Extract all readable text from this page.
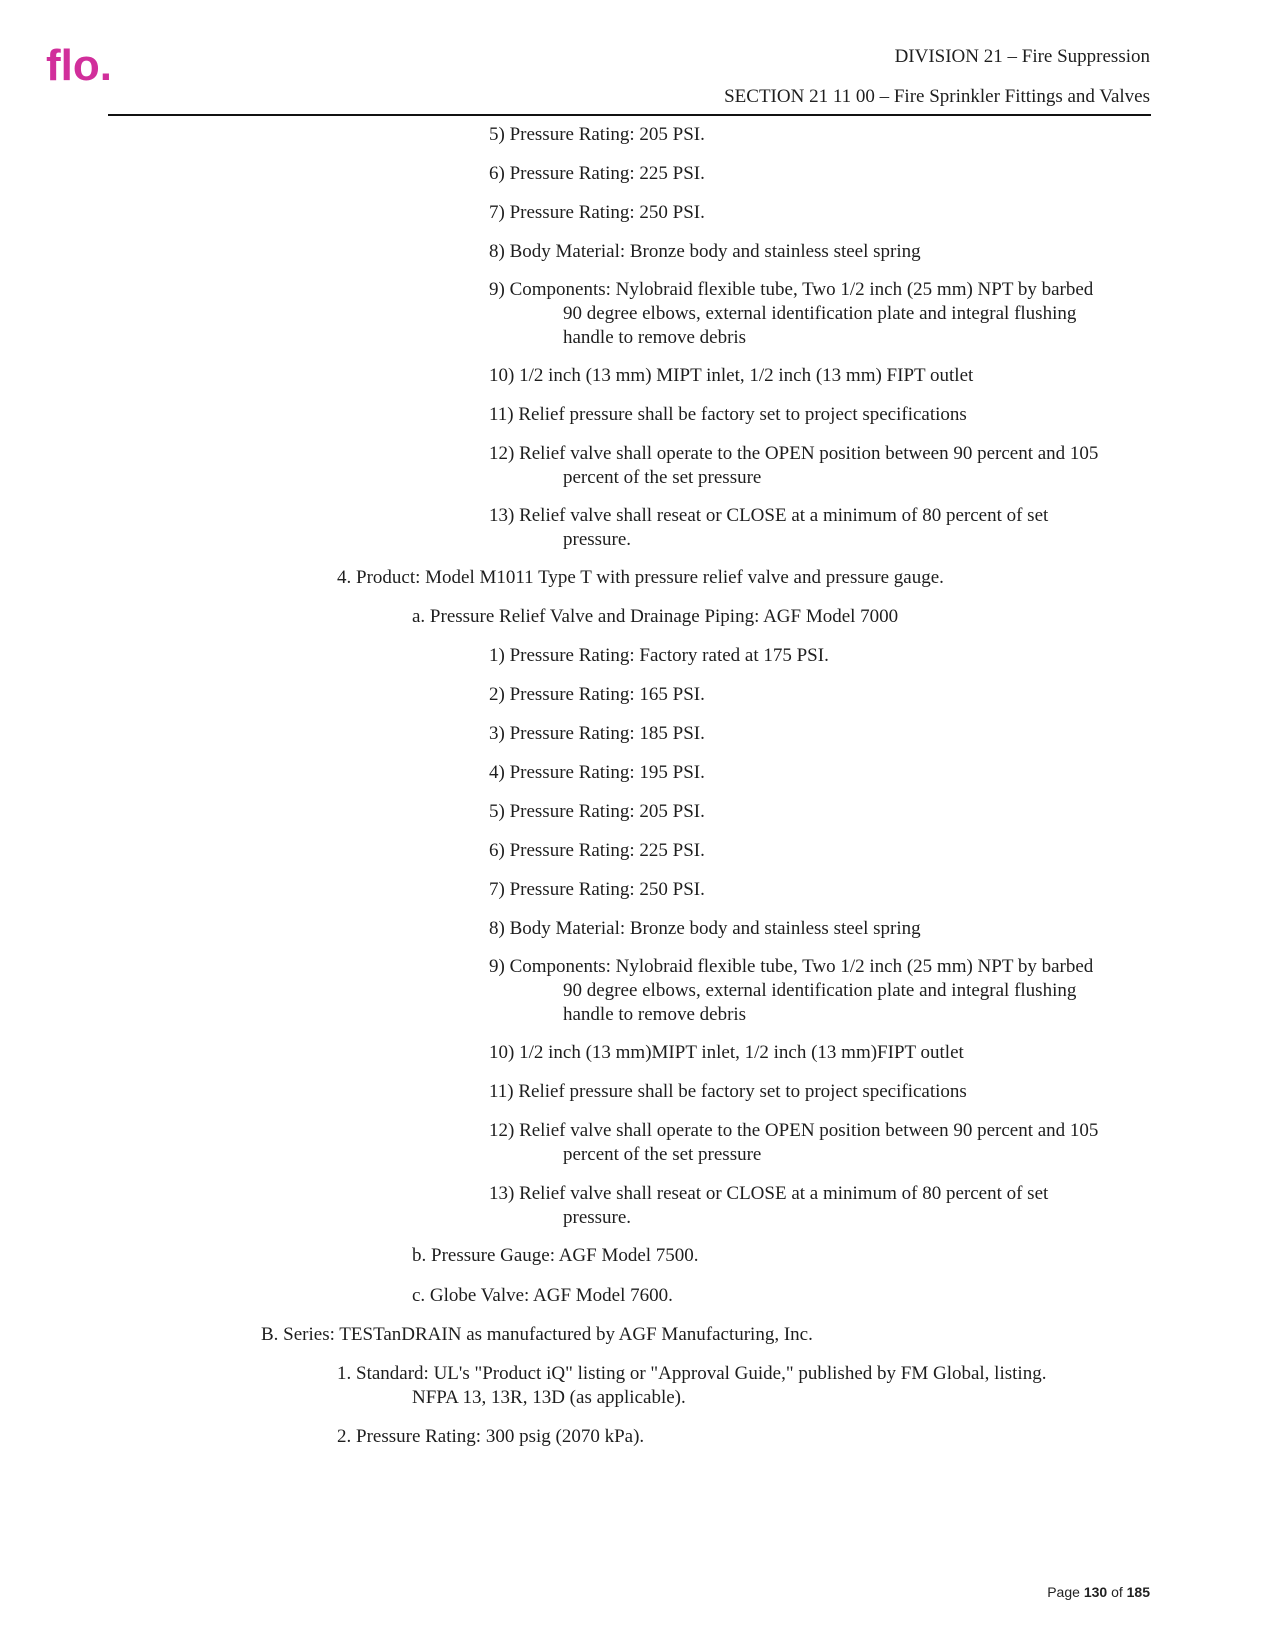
flo.	DIVISION 21 – Fire Suppression
SECTION 21 11 00 – Fire Sprinkler Fittings and Valves
5) Pressure Rating: 205 PSI.
6) Pressure Rating: 225 PSI.
7) Pressure Rating: 250 PSI.
8) Body Material: Bronze body and stainless steel spring
9) Components: Nylobraid flexible tube, Two 1/2 inch (25 mm) NPT by barbed
90 degree elbows, external identification plate and integral flushing
handle to remove debris
10) 1/2 inch (13 mm) MIPT inlet, 1/2 inch (13 mm) FIPT outlet
11) Relief pressure shall be factory set to project specifications
12) Relief valve shall operate to the OPEN position between 90 percent and 105
percent of the set pressure
13) Relief valve shall reseat or CLOSE at a minimum of 80 percent of set
pressure.
4. Product: Model M1011 Type T with pressure relief valve and pressure gauge.
a. Pressure Relief Valve and Drainage Piping: AGF Model 7000
1) Pressure Rating: Factory rated at 175 PSI.
2) Pressure Rating: 165 PSI.
3) Pressure Rating: 185 PSI.
4) Pressure Rating: 195 PSI.
5) Pressure Rating: 205 PSI.
6) Pressure Rating: 225 PSI.
7) Pressure Rating: 250 PSI.
8) Body Material: Bronze body and stainless steel spring
9) Components: Nylobraid flexible tube, Two 1/2 inch (25 mm) NPT by barbed
90 degree elbows, external identification plate and integral flushing
handle to remove debris
10) 1/2 inch (13 mm)MIPT inlet, 1/2 inch (13 mm)FIPT outlet
11) Relief pressure shall be factory set to project specifications
12) Relief valve shall operate to the OPEN position between 90 percent and 105
percent of the set pressure
13) Relief valve shall reseat or CLOSE at a minimum of 80 percent of set
pressure.
b. Pressure Gauge: AGF Model 7500.
c. Globe Valve: AGF Model 7600.
B. Series: TESTanDRAIN as manufactured by AGF Manufacturing, Inc.
1. Standard: UL's "Product iQ" listing or "Approval Guide," published by FM Global, listing.
NFPA 13, 13R, 13D (as applicable).
2. Pressure Rating: 300 psig (2070 kPa).
Page 130 of 185
